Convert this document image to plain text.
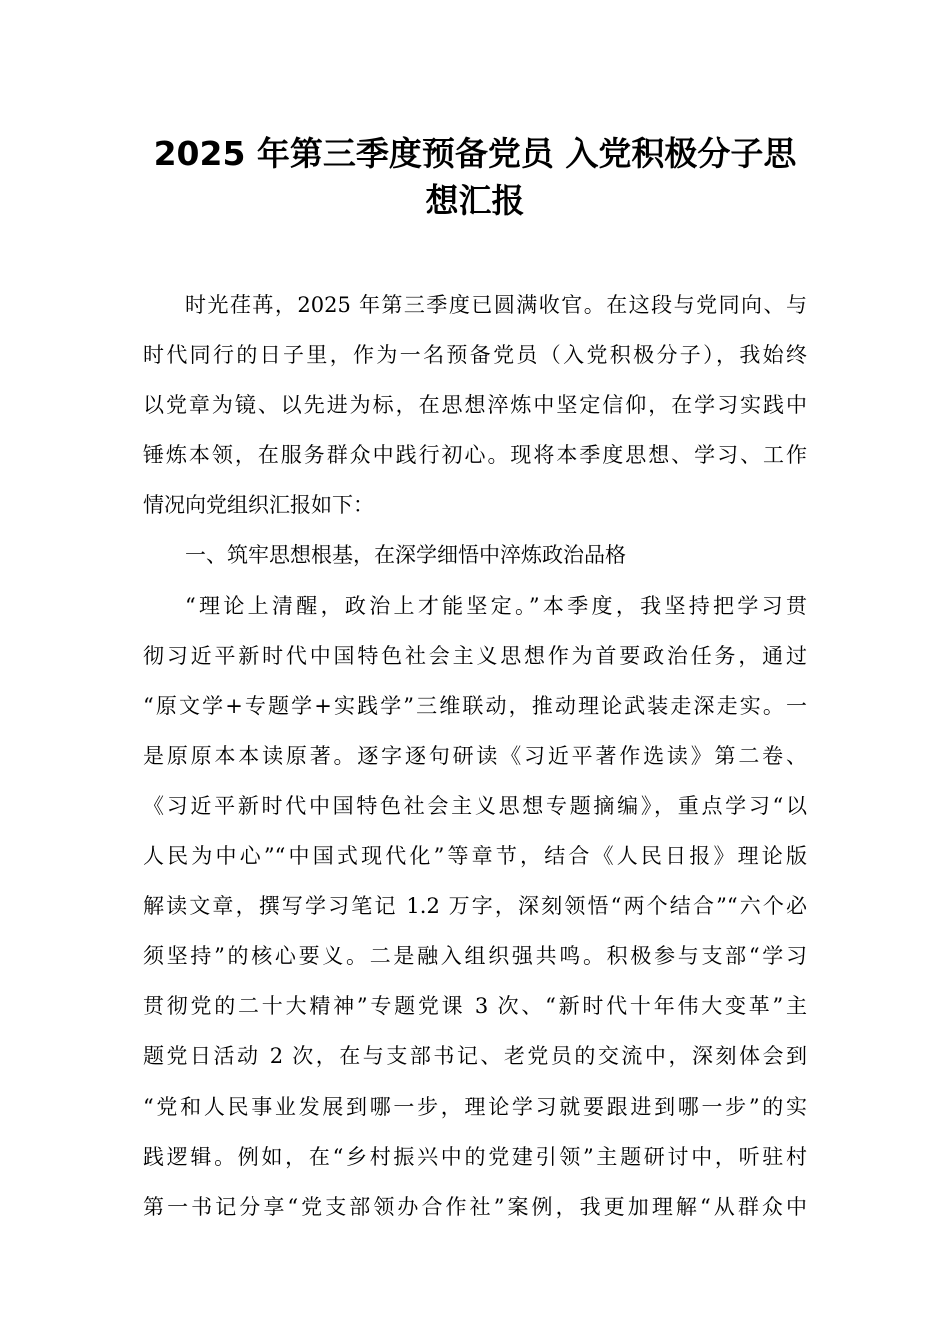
2025 年第三季度预备党员 入党积极分子思
想汇报

时光荏苒，2025 年第三季度已圆满收官。在这段与党同向、与

时代同行的日子里，作为一名预备党员（入党积极分子），我始终

以党章为镜、以先进为标，在思想淬炼中坚定信仰，在学习实践中

锤炼本领，在服务群众中践行初心。现将本季度思想、学习、工作

情况向党组织汇报如下：

一、筑牢思想根基，在深学细悟中淬炼政治品格

“理论上清醒，政治上才能坚定。”本季度，我坚持把学习贯

彻习近平新时代中国特色社会主义思想作为首要政治任务，通过

“原文学+专题学+实践学”三维联动，推动理论武装走深走实。一

是原原本本读原著。逐字逐句研读《习近平著作选读》第二卷、

《习近平新时代中国特色社会主义思想专题摘编》，重点学习“以

人民为中心”“中国式现代化”等章节，结合《人民日报》理论版

解读文章，撰写学习笔记 1.2 万字，深刻领悟“两个结合”“六个必

须坚持”的核心要义。二是融入组织强共鸣。积极参与支部“学习

贯彻党的二十大精神”专题党课 3 次、“新时代十年伟大变革”主

题党日活动 2 次，在与支部书记、老党员的交流中，深刻体会到

“党和人民事业发展到哪一步，理论学习就要跟进到哪一步”的实

践逻辑。例如，在“乡村振兴中的党建引领”主题研讨中，听驻村

第一书记分享“党支部领办合作社”案例，我更加理解“从群众中
